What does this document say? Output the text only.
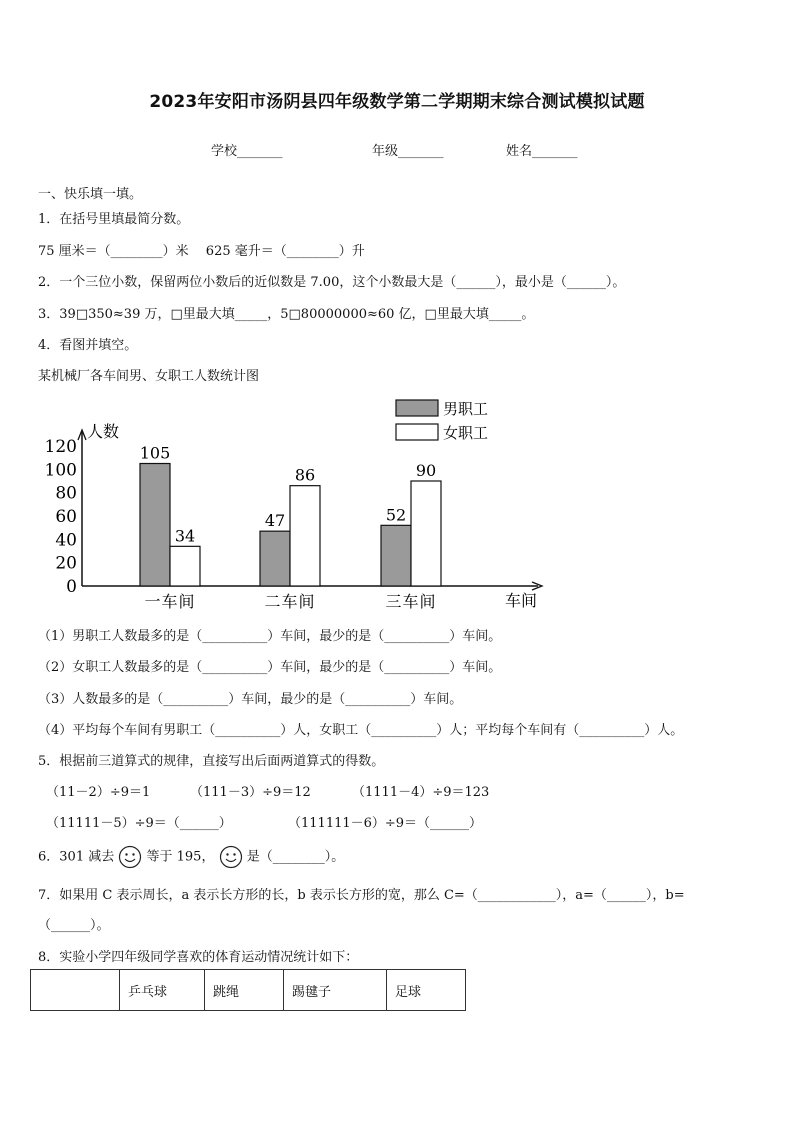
2023年安阳市汤阴县四年级数学第二学期期末综合测试模拟试题
学校_______	年级_______	姓名_______
一、快乐填一填。
1．在括号里填最简分数。
75 厘米＝（________）米　 625 毫升＝（________）升
2．一个三位小数，保留两位小数后的近似数是 7.00，这个小数最大是（______），最小是（______）。
3．39□350≈39 万，□里最大填_____，5□80000000≈60 亿，□里最大填_____。
4．看图并填空。
某机械厂各车间男、女职工人数统计图
0
20
40
60
80
100
120
人数
105
34
一车间
47
86
二车间
52
90
三车间	车间
男职工
女职工
（1）男职工人数最多的是（__________）车间，最少的是（__________）车间。
（2）女职工人数最多的是（__________）车间，最少的是（__________）车间。
（3）人数最多的是（__________）车间，最少的是（__________）车间。
（4）平均每个车间有男职工（__________）人，女职工（__________）人；平均每个车间有（__________）人。
5．根据前三道算式的规律，直接写出后面两道算式的得数。
（11－2）÷9＝1	（111－3）÷9＝12	（1111－4）÷9＝123
（11111－5）÷9＝（______）	（111111－6）÷9＝（______）
6．301 减去  等于 195， 是（________）。
7．如果用 C 表示周长，a 表示长方形的长，b 表示长方形的宽，那么 C=（____________），a=（______），b=
（______）。
8．实验小学四年级同学喜欢的体育运动情况统计如下：
	乒乓球	跳绳	踢毽子	足球
